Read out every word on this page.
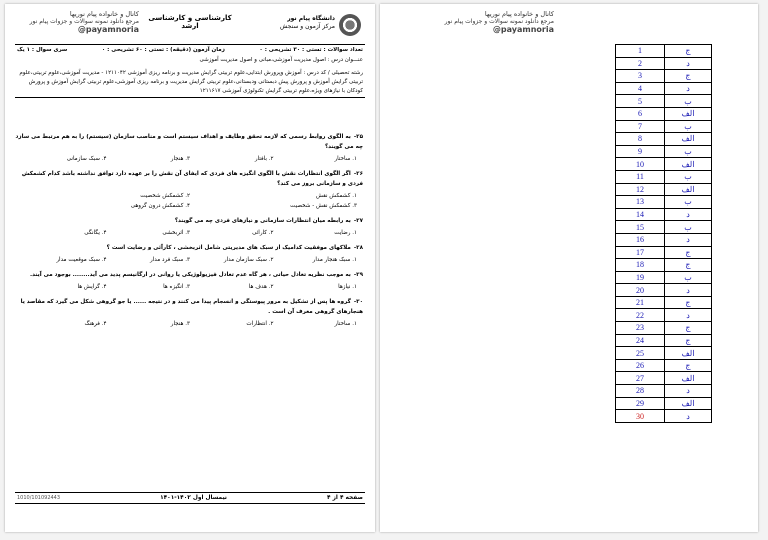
کانال و خانواده پیام نوریها
مرجع دانلود نمونه سوالات و جزوات پیام نور
@payamnoria
کارشناسی و کارشناسی ارشد
دانشگاه پیام نور
مرکز آزمون و سنجش
تعداد سوالات : تستی : ۳۰ تشریحی : ۰
زمان آزمون (دقیقه) : تستی : ۶۰ تشریحی : ۰
سری سوال : ۱ یک
عنـــوان درس : اصول مدیریت آموزشی،مبانی و اصول مدیریت آموزشی
رشته تحصیلی / کد درس : آموزش وپرورش ابتدایی،علوم تربیتی گرایش مدیریت و برنامه ریزی آموزشی ۱۲۱۱۰۴۲ - مدیریت آموزشی،علوم تربیتی،علوم تربیتی گرایش آموزش و پرورش پیش دبستانی ودبستانی،علوم تربیتی گرایش مدیریت و برنامه ریزی آموزشی،علوم تربیتی گرایش آموزش و پرورش کودکان با نیازهای ویژه،علوم تربیتی گرایش تکنولوژی آموزشی ۱۲۱۱۶۱۷
۲۵-به الگوی روابط رسمی که لازمه تحقق وظایف و اهداف سیستم است و مناصب سازمان (سیستم) را به هم مرتبط می سازد چه می گویند؟
۱. ساختار
۲. بافتار
۳. هنجار
۴. سبک سازمانی
۲۶-اگر الگوی انتظارات نقش با الگوی انگیزه های فردی که ایفای آن نقش را بر عهده دارد توافق نداشته باشد کدام کشمکش فردی و سازمانی بروز می کند؟
۱. کشمکش نقش
۲. کشمکش شخصیت
۳. کشمکش نقش - شخصیت
۴. کشمکش درون گروهی
۲۷-به رابطه میان انتظارات سازمانی و نیازهای فردی چه می گویند؟
۱. رضایت
۲. کارائی
۳. اثربخشی
۴. یگانگی
۲۸-ملاکهای موفقیت کدامیک از سبک های مدیریتی شامل اثربخشی ، کارآئی و رضایت است ؟
۱. سبک هنجار مدار
۲. سبک سازمان مدار
۳. سبک فرد مدار
۴. سبک موقعیت مدار
۲۹-به موجب نظریه تعادل حیاتی ، هر گاه عدم تعادل فیزیولوژیکی یا روانی در ارگانیسم پدید می آید........ بوجود می آیند.
۱. نیازها
۲. هدف ها
۳. انگیزه ها
۴. گرایش ها
۳۰-گروه ها پس از تشکیل به مرور پیوستگی و انسجام پیدا می کنند و در نتیجه ...... یا جو گروهی شکل می گیرد که مقاصد یا هنجارهای گروهی معرف آن است .
۱. ساختار
۲. انتظارات
۳. هنجار
۴. فرهنگ
صفحه ۴ از ۴
نیمسال اول ۱۴۰۲-۱۴۰۱
1010/101092443
کانال و خانواده پیام نوریها
مرجع دانلود نمونه سوالات و جزوات پیام نور
@payamnoria
1	ج
2	د
3	ج
4	د
5	ب
6	الف
7	ب
8	الف
9	ب
10	الف
11	ب
12	الف
13	ب
14	د
15	ب
16	د
17	ج
18	ج
19	ب
20	د
21	ج
22	د
23	ج
24	ج
25	الف
26	ج
27	الف
28	د
29	الف
30	د
